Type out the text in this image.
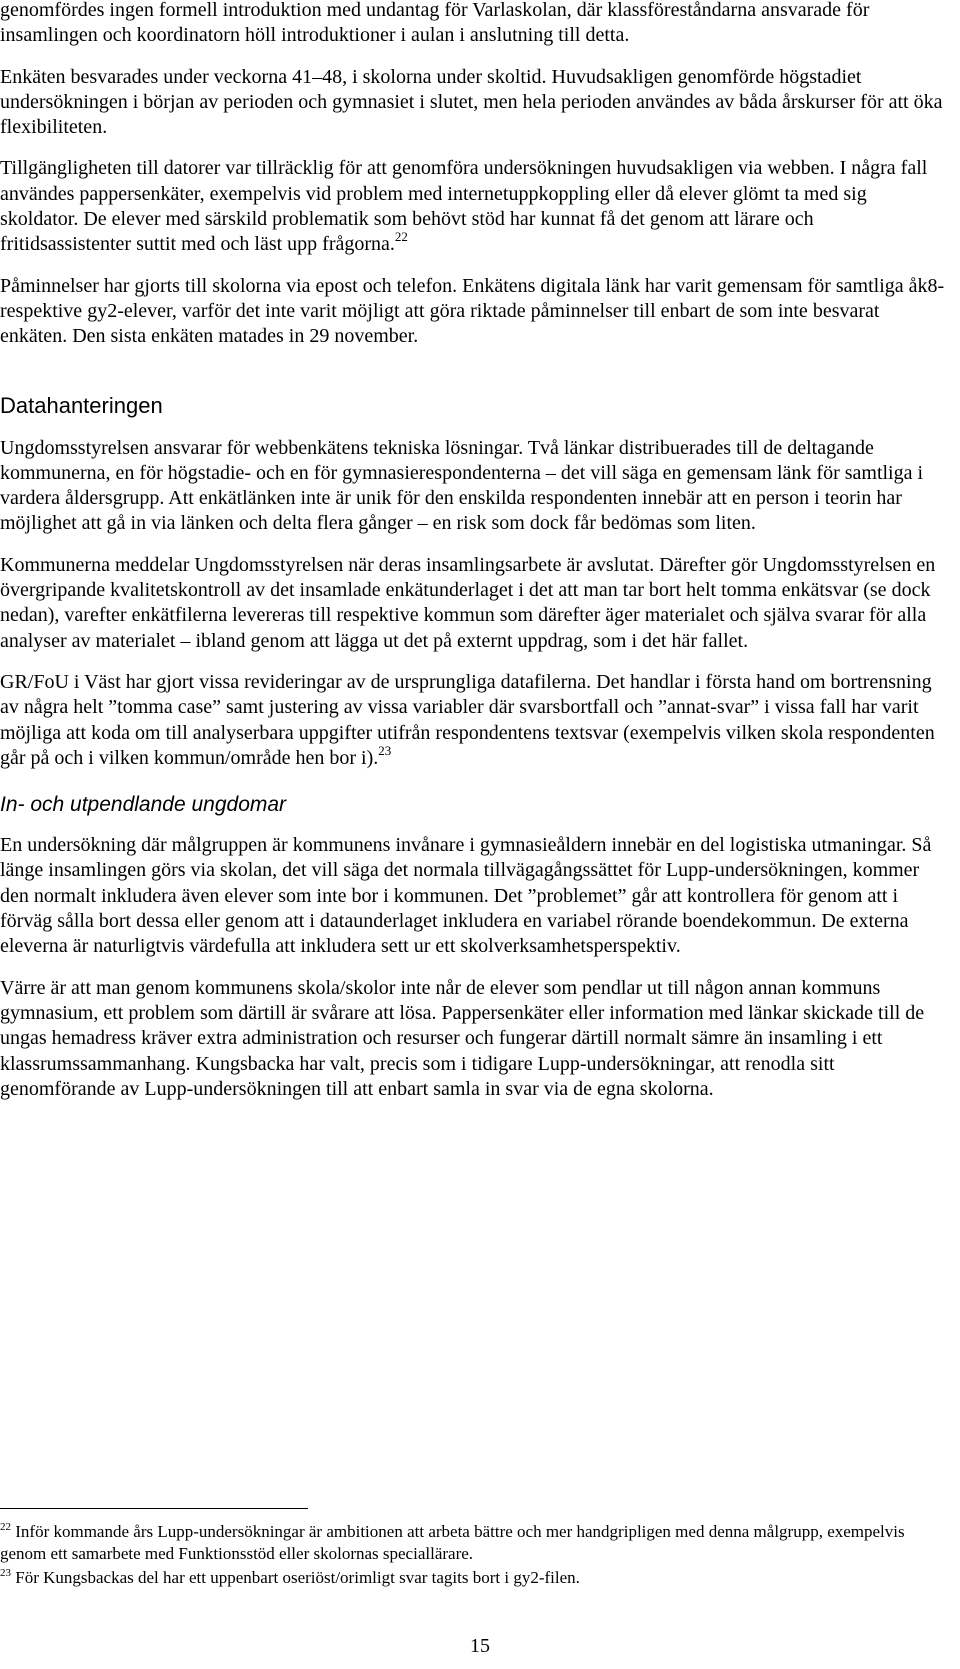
genomfördes ingen formell introduktion med undantag för Varlaskolan, där klassföreståndarna ansvarade för insamlingen och koordinatorn höll introduktioner i aulan i anslutning till detta.

Enkäten besvarades under veckorna 41–48, i skolorna under skoltid. Huvudsakligen genomförde högstadiet undersökningen i början av perioden och gymnasiet i slutet, men hela perioden användes av båda årskurser för att öka flexibiliteten.

Tillgängligheten till datorer var tillräcklig för att genomföra undersökningen huvudsakligen via webben. I några fall användes pappersenkäter, exempelvis vid problem med internetuppkoppling eller då elever glömt ta med sig skoldator. De elever med särskild problematik som behövt stöd har kunnat få det genom att lärare och fritidsassistenter suttit med och läst upp frågorna.$^{22}$

Påminnelser har gjorts till skolorna via epost och telefon. Enkätens digitala länk har varit gemensam för samtliga åk8- respektive gy2-elever, varför det inte varit möjligt att göra riktade påminnelser till enbart de som inte besvarat enkäten. Den sista enkäten matades in 29 november.

Datahanteringen

Ungdomsstyrelsen ansvarar för webbenkätens tekniska lösningar. Två länkar distribuerades till de deltagande kommunerna, en för högstadie- och en för gymnasierespondenterna – det vill säga en gemensam länk för samtliga i vardera åldersgrupp. Att enkätlänken inte är unik för den enskilda respondenten innebär att en person i teorin har möjlighet att gå in via länken och delta flera gånger – en risk som dock får bedömas som liten.

Kommunerna meddelar Ungdomsstyrelsen när deras insamlingsarbete är avslutat. Därefter gör Ungdomsstyrelsen en övergripande kvalitetskontroll av det insamlade enkätunderlaget i det att man tar bort helt tomma enkätsvar (se dock nedan), varefter enkätfilerna levereras till respektive kommun som därefter äger materialet och själva svarar för alla analyser av materialet – ibland genom att lägga ut det på externt uppdrag, som i det här fallet.

GR/FoU i Väst har gjort vissa revideringar av de ursprungliga datafilerna. Det handlar i första hand om bortrensning av några helt ”tomma case” samt justering av vissa variabler där svarsbortfall och ”annat-svar” i vissa fall har varit möjliga att koda om till analyserbara uppgifter utifrån respondentens textsvar (exempelvis vilken skola respondenten går på och i vilken kommun/område hen bor i).$^{23}$

In- och utpendlande ungdomar

En undersökning där målgruppen är kommunens invånare i gymnasieåldern innebär en del logistiska utmaningar. Så länge insamlingen görs via skolan, det vill säga det normala tillvägagångssättet för Lupp-undersökningen, kommer den normalt inkludera även elever som inte bor i kommunen. Det ”problemet” går att kontrollera för genom att i förväg sålla bort dessa eller genom att i dataunderlaget inkludera en variabel rörande boendekommun. De externa eleverna är naturligtvis värdefulla att inkludera sett ur ett skolverksamhetsperspektiv.

Värre är att man genom kommunens skola/skolor inte når de elever som pendlar ut till någon annan kommuns gymnasium, ett problem som därtill är svårare att lösa. Pappersenkäter eller information med länkar skickade till de ungas hemadress kräver extra administration och resurser och fungerar därtill normalt sämre än insamling i ett klassrumssammanhang. Kungsbacka har valt, precis som i tidigare Lupp-undersökningar, att renodla sitt genomförande av Lupp-undersökningen till att enbart samla in svar via de egna skolorna.

$^{22}$ Inför kommande års Lupp-undersökningar är ambitionen att arbeta bättre och mer handgripligen med denna målgrupp, exempelvis genom ett samarbete med Funktionsstöd eller skolornas speciallärare.

$^{23}$ För Kungsbackas del har ett uppenbart oseriöst/orimligt svar tagits bort i gy2-filen.

15
